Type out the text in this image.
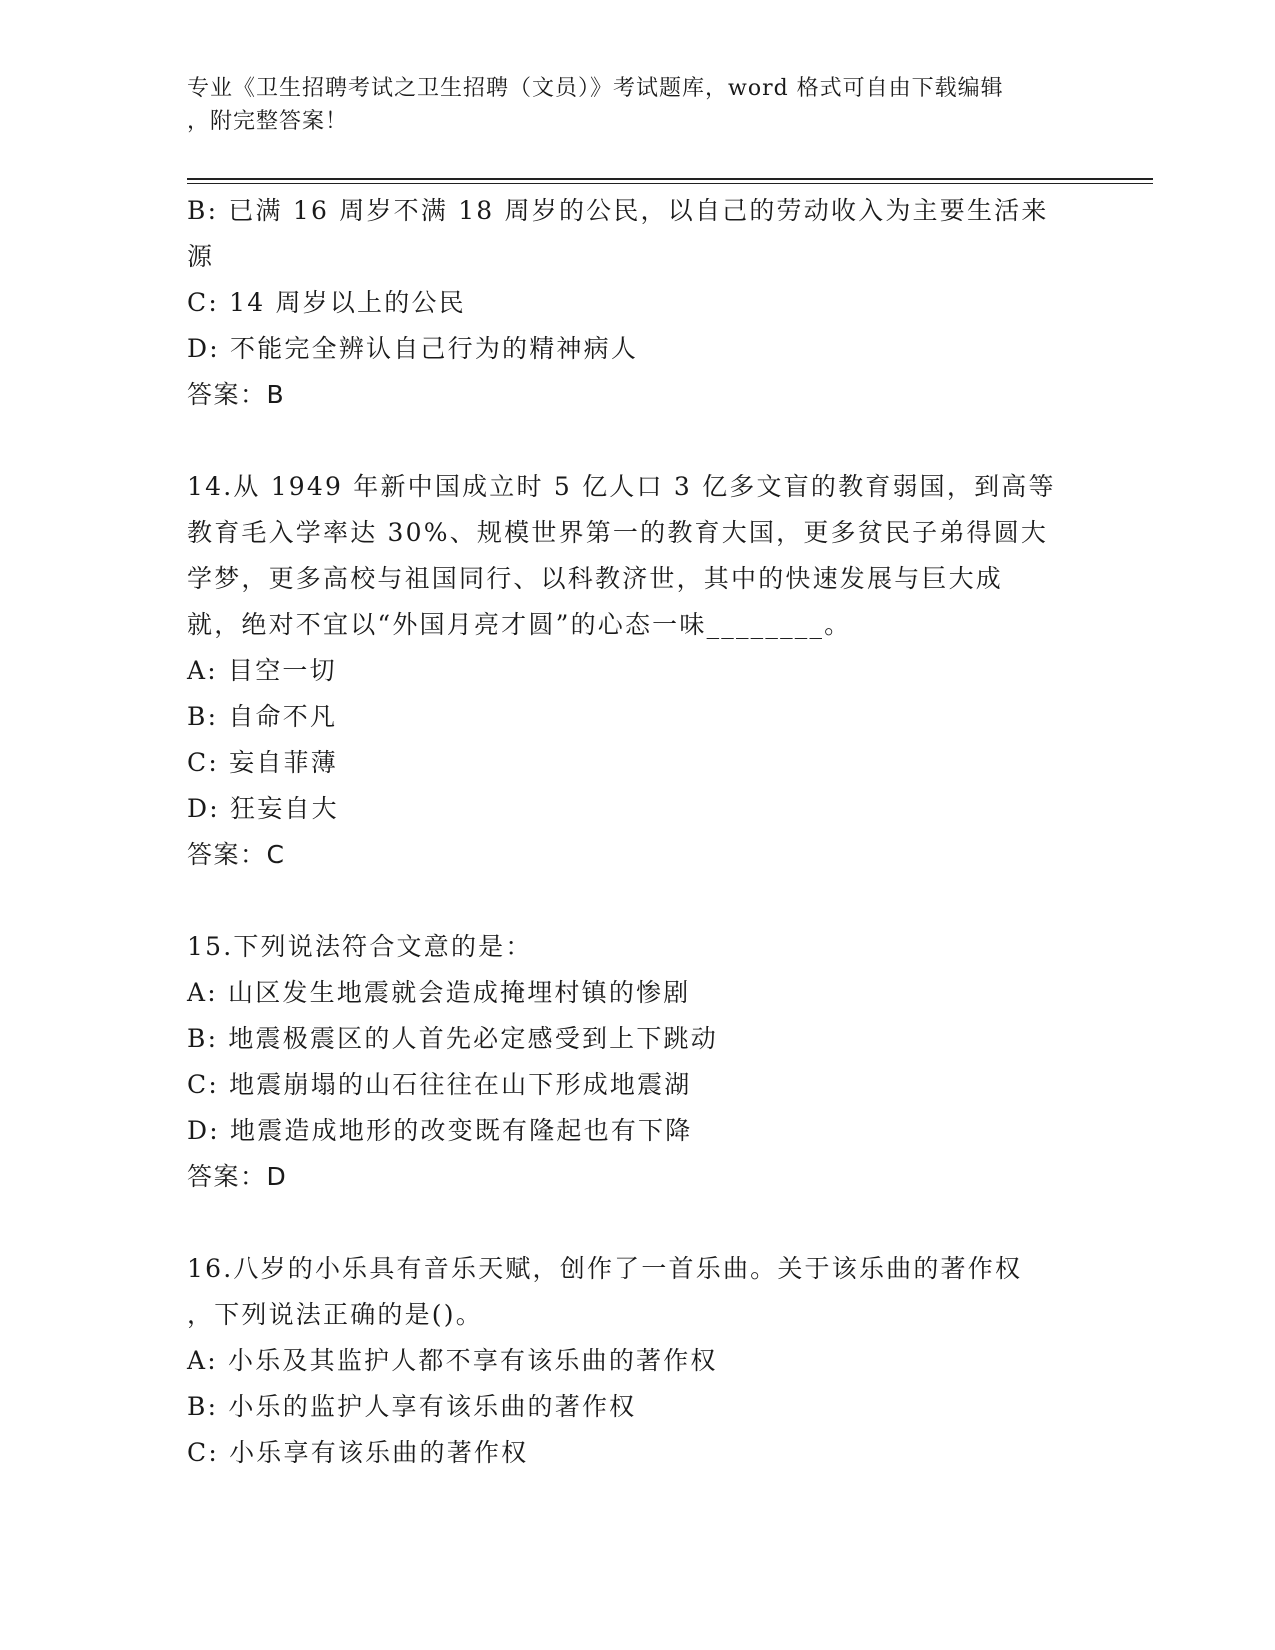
专业《卫生招聘考试之卫生招聘（文员）》考试题库，word 格式可自由下载编辑
，附完整答案！
B: 已满 16 周岁不满 18 周岁的公民，以自己的劳动收入为主要生活来
源
C: 14 周岁以上的公民
D: 不能完全辨认自己行为的精神病人
答案：B
14.从 1949 年新中国成立时 5 亿人口 3 亿多文盲的教育弱国，到高等
教育毛入学率达 30%、规模世界第一的教育大国，更多贫民子弟得圆大
学梦，更多高校与祖国同行、以科教济世，其中的快速发展与巨大成
就，绝对不宜以“外国月亮才圆”的心态一味________。
A: 目空一切
B: 自命不凡
C: 妄自菲薄
D: 狂妄自大
答案：C
15.下列说法符合文意的是：
A: 山区发生地震就会造成掩埋村镇的惨剧
B: 地震极震区的人首先必定感受到上下跳动
C: 地震崩塌的山石往往在山下形成地震湖
D: 地震造成地形的改变既有隆起也有下降
答案：D
16.八岁的小乐具有音乐天赋，创作了一首乐曲。关于该乐曲的著作权
，下列说法正确的是()。
A: 小乐及其监护人都不享有该乐曲的著作权
B: 小乐的监护人享有该乐曲的著作权
C: 小乐享有该乐曲的著作权
